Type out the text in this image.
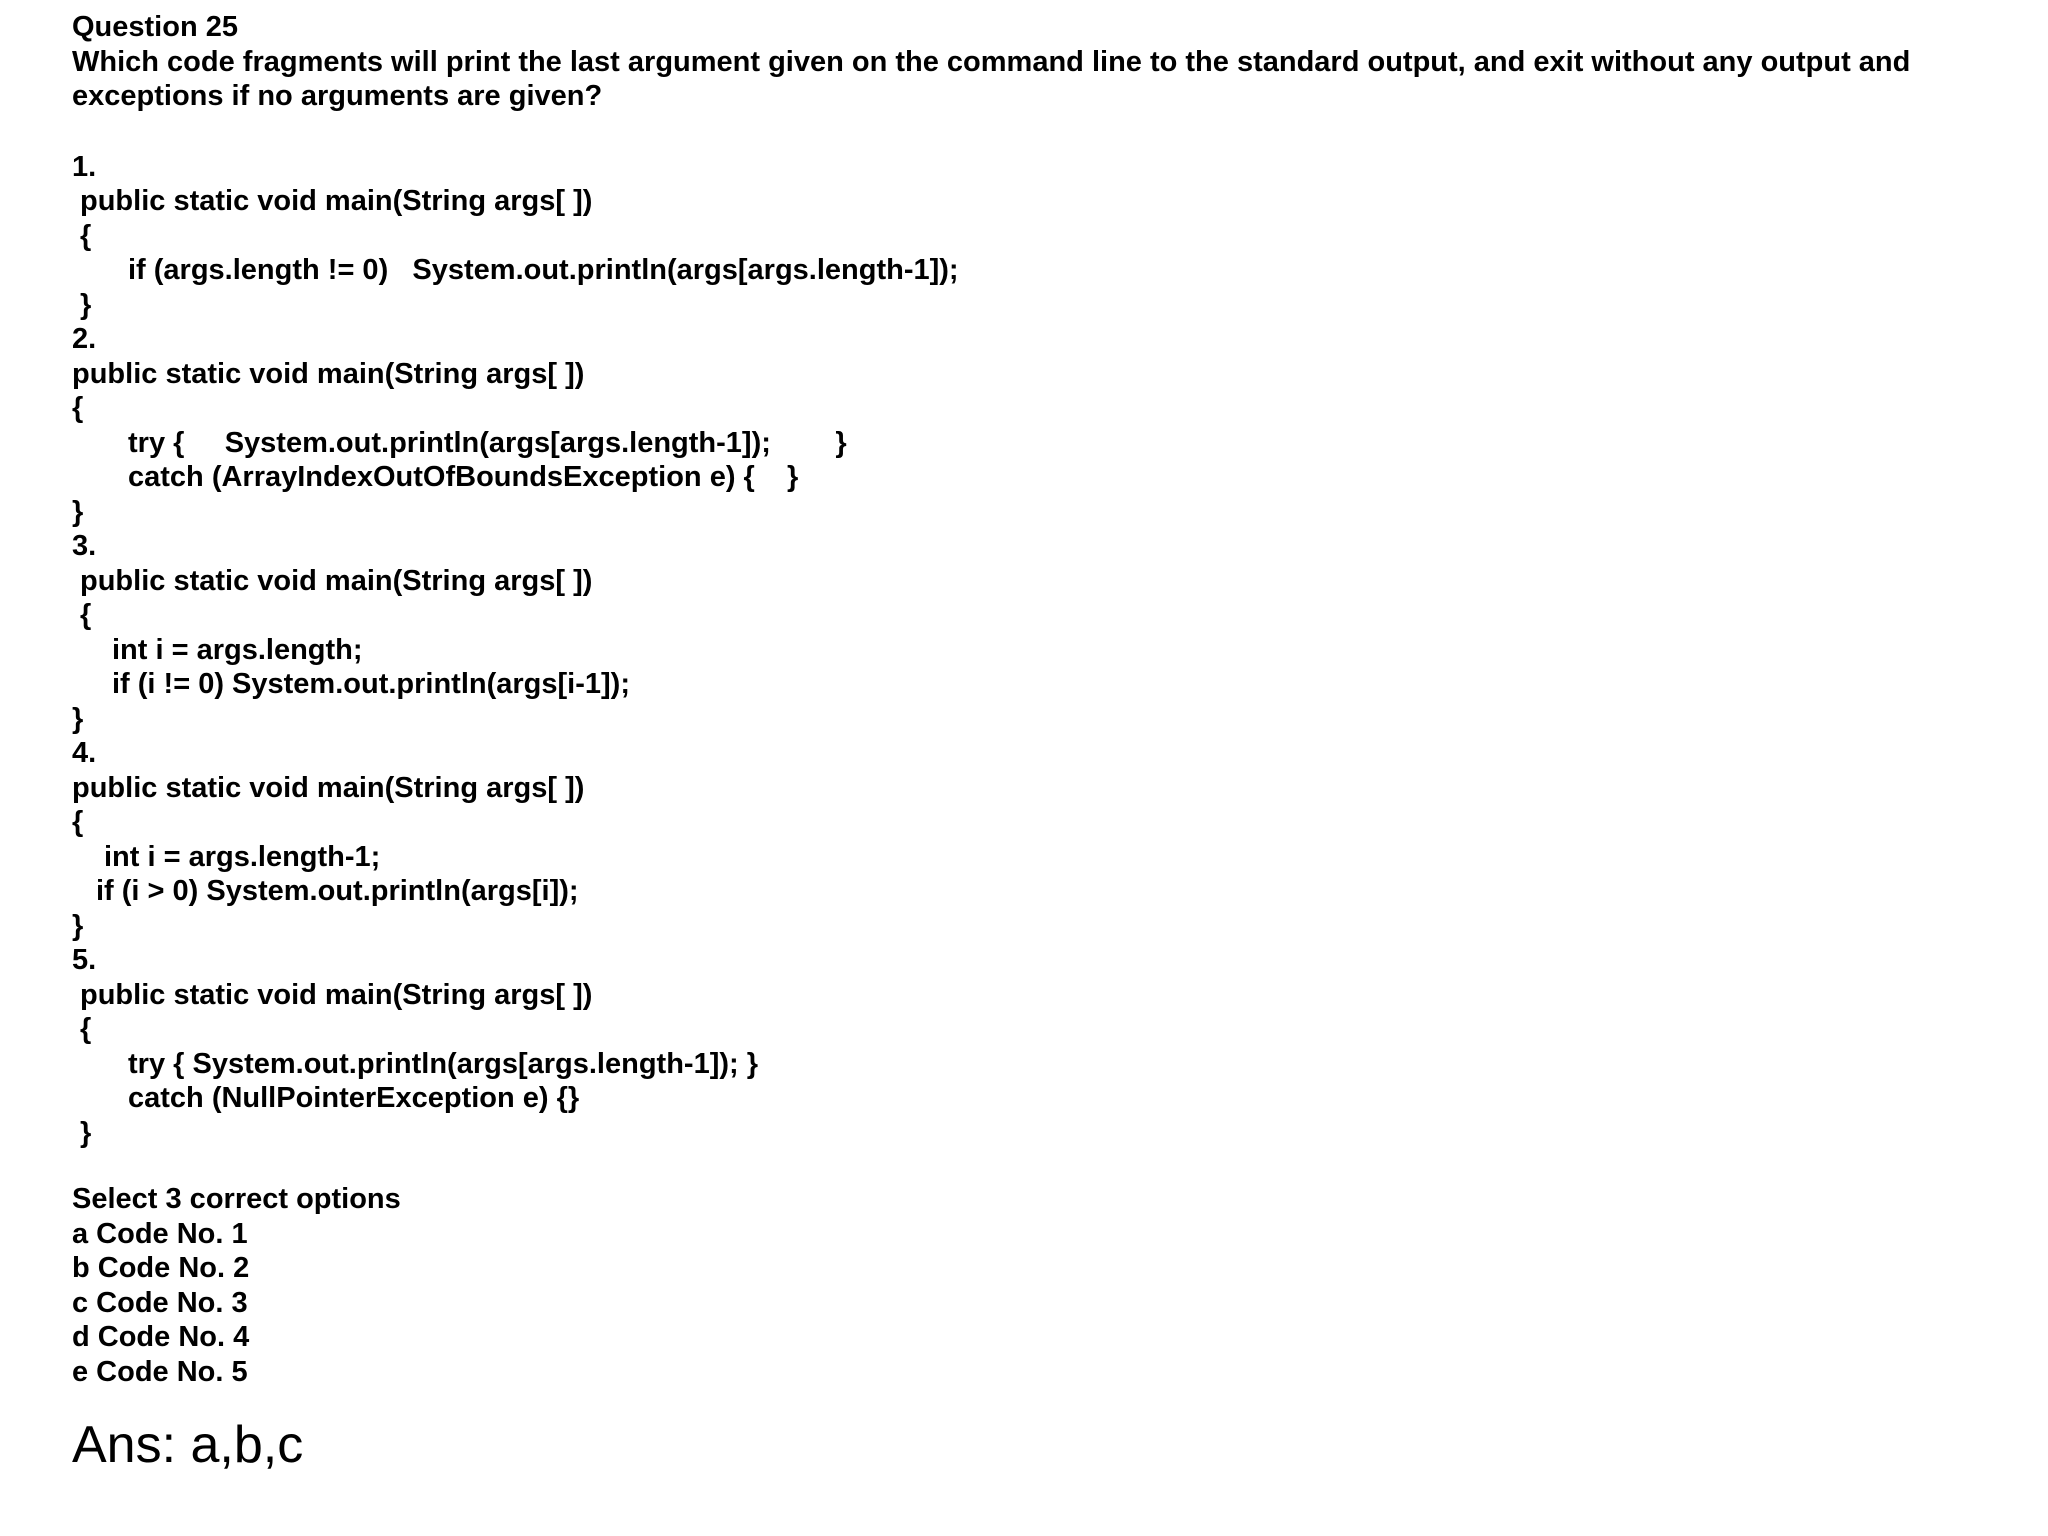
Question 25
Which code fragments will print the last argument given on the command line to the standard output, and exit without any output and exceptions if no arguments are given?
1.
public static void main(String args[ ])
{
if (args.length != 0)   System.out.println(args[args.length-1]);
}
2.
public static void main(String args[ ])
{
try {     System.out.println(args[args.length-1]);        }
catch (ArrayIndexOutOfBoundsException e) {    }
}
3.
public static void main(String args[ ])
{
int i = args.length;
if (i != 0) System.out.println(args[i-1]);
}
4.
public static void main(String args[ ])
{
int i = args.length-1;
if (i > 0) System.out.println(args[i]);
}
5.
public static void main(String args[ ])
{
try { System.out.println(args[args.length-1]); }
catch (NullPointerException e) {}
}
Select 3 correct options
a Code No. 1
b Code No. 2
c Code No. 3
d Code No. 4
e Code No. 5
Ans: a,b,c
